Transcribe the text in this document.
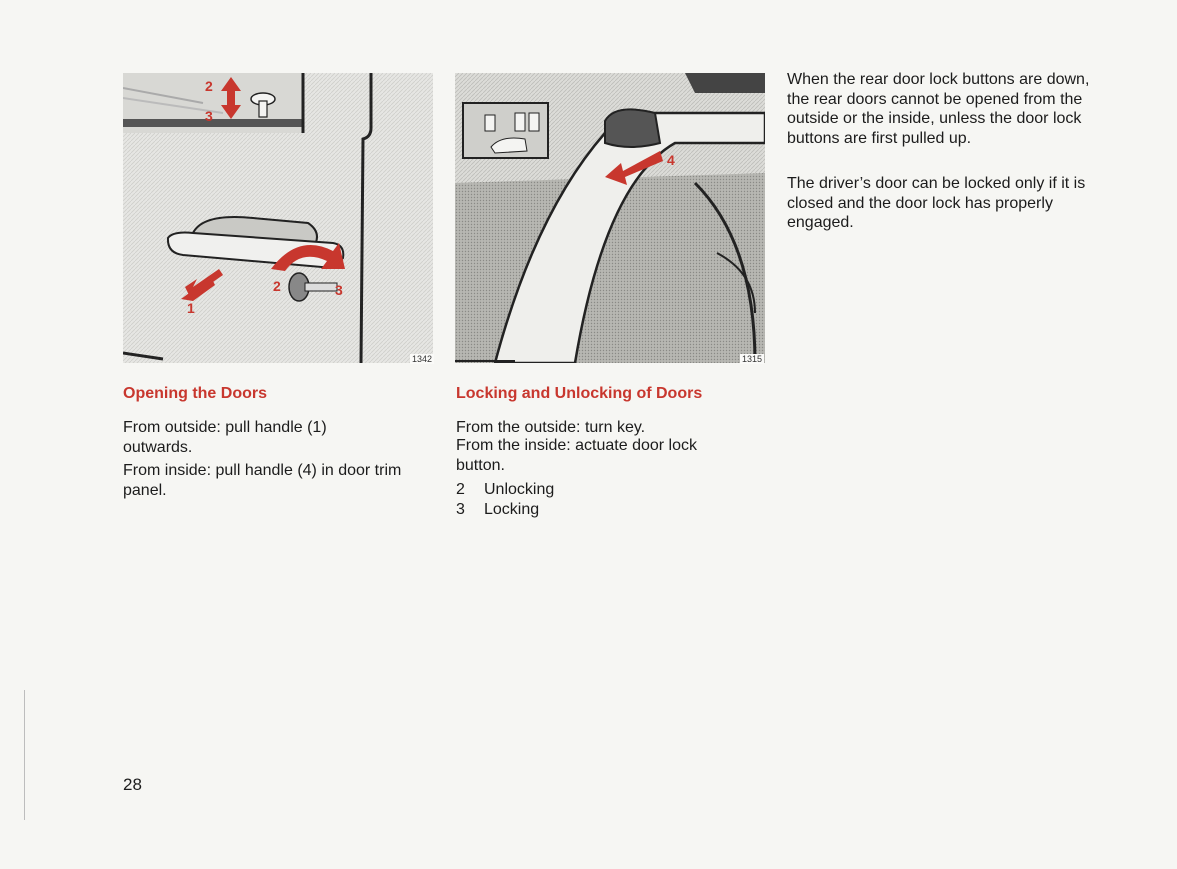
2
3
1
2	3
1342
4
1315
Opening the Doors

From outside: pull handle (1) outwards.

From inside: pull handle (4) in door trim panel.

Locking and Unlocking of Doors

From the outside: turn key.

From the inside: actuate door lock button.

2	Unlocking
3	Locking

When the rear door lock buttons are down, the rear doors cannot be opened from the outside or the inside, unless the door lock buttons are first pulled up.

The driver’s door can be locked only if it is closed and the door lock has properly engaged.

28
